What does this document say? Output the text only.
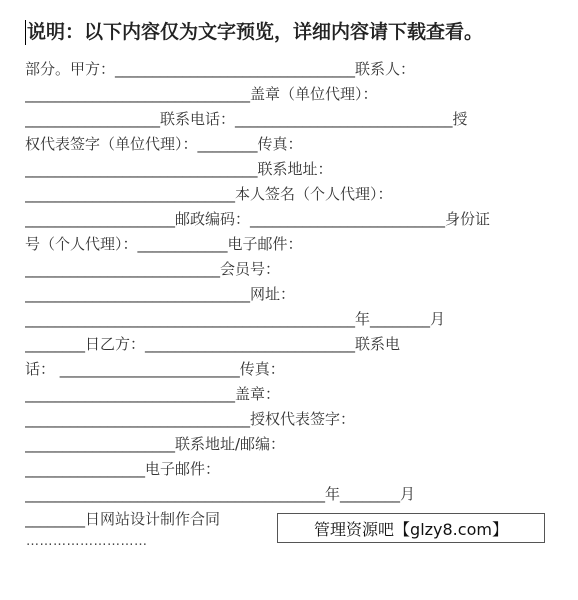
说明：以下内容仅为文字预览，详细内容请下载查看。
部分。甲方：________________________________联系人：
______________________________盖章（单位代理）：
__________________联系电话：_____________________________授
权代表签字（单位代理）：________传真：
_______________________________联系地址：
____________________________本人签名（个人代理）：
____________________邮政编码：__________________________身份证
号（个人代理）：____________电子邮件：
__________________________会员号：
______________________________网址：
____________________________________________年________月
________日乙方：____________________________联系电
话： ________________________传真：
____________________________盖章：
______________________________授权代表签字：
____________________联系地址/邮编：
________________电子邮件：
________________________________________年________月
________日网站设计制作合同
………………………
管理资源吧【glzy8.com】
